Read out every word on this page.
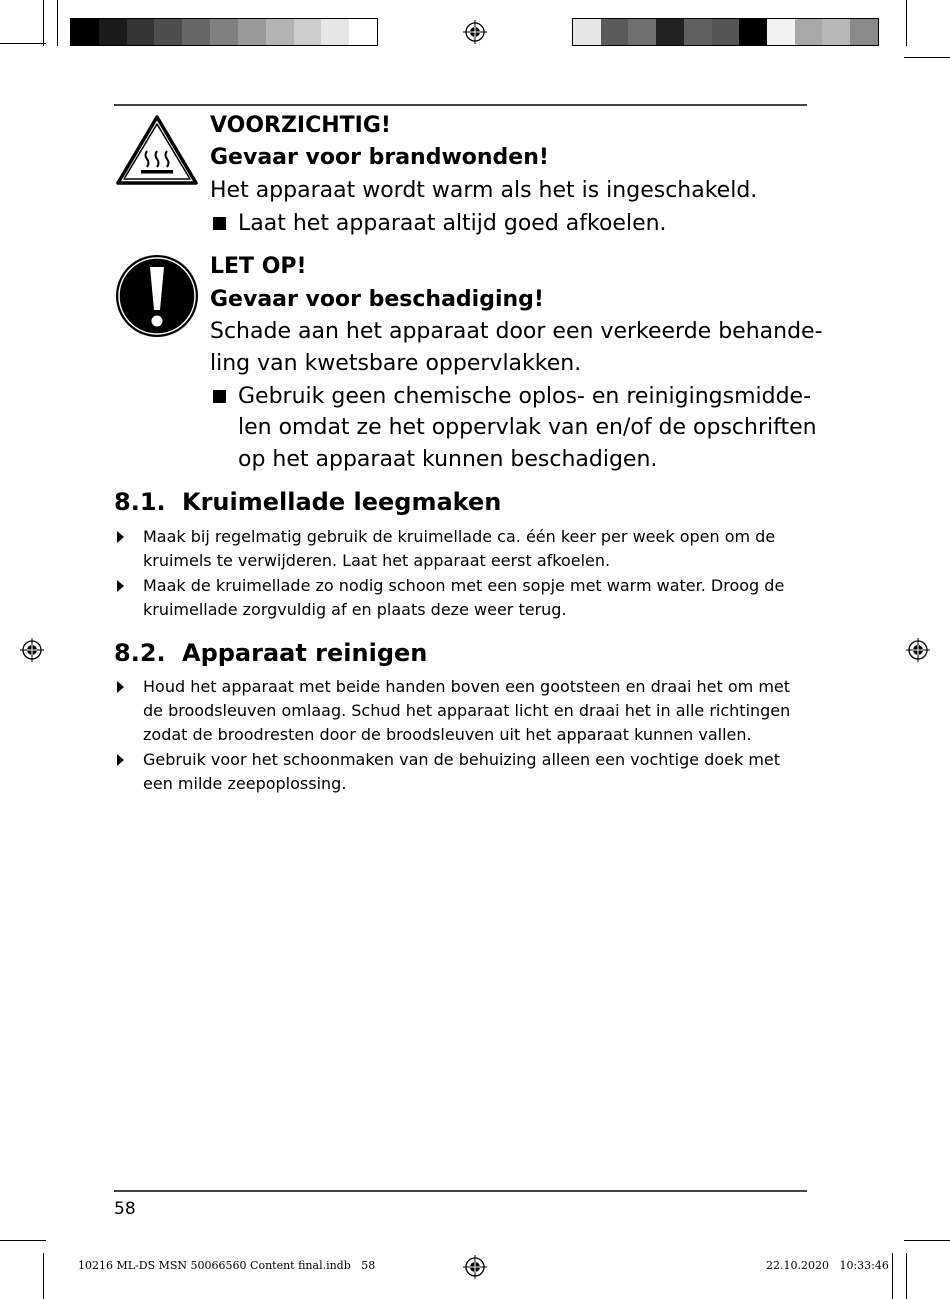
VOORZICHTIG!
Gevaar voor brandwonden!
Het apparaat wordt warm als het is ingeschakeld.
Laat het apparaat altijd goed afkoelen.
LET OP!
Gevaar voor beschadiging!
Schade aan het apparaat door een verkeerde behande-
ling van kwetsbare oppervlakken.
Gebruik geen chemische oplos- en reinigingsmidde-
len omdat ze het oppervlak van en/of de opschriften
op het apparaat kunnen beschadigen.
8.1. Kruimellade leegmaken
Maak bij regelmatig gebruik de kruimellade ca. één keer per week open om de
kruimels te verwijderen. Laat het apparaat eerst afkoelen.
Maak de kruimellade zo nodig schoon met een sopje met warm water. Droog de
kruimellade zorgvuldig af en plaats deze weer terug.
8.2. Apparaat reinigen
Houd het apparaat met beide handen boven een gootsteen en draai het om met
de broodsleuven omlaag. Schud het apparaat licht en draai het in alle richtingen
zodat de broodresten door de broodsleuven uit het apparaat kunnen vallen.
Gebruik voor het schoonmaken van de behuizing alleen een vochtige doek met
een milde zeepoplossing.
58
10216 ML-DS MSN 50066560 Content final.indb   58	22.10.2020   10:33:46
